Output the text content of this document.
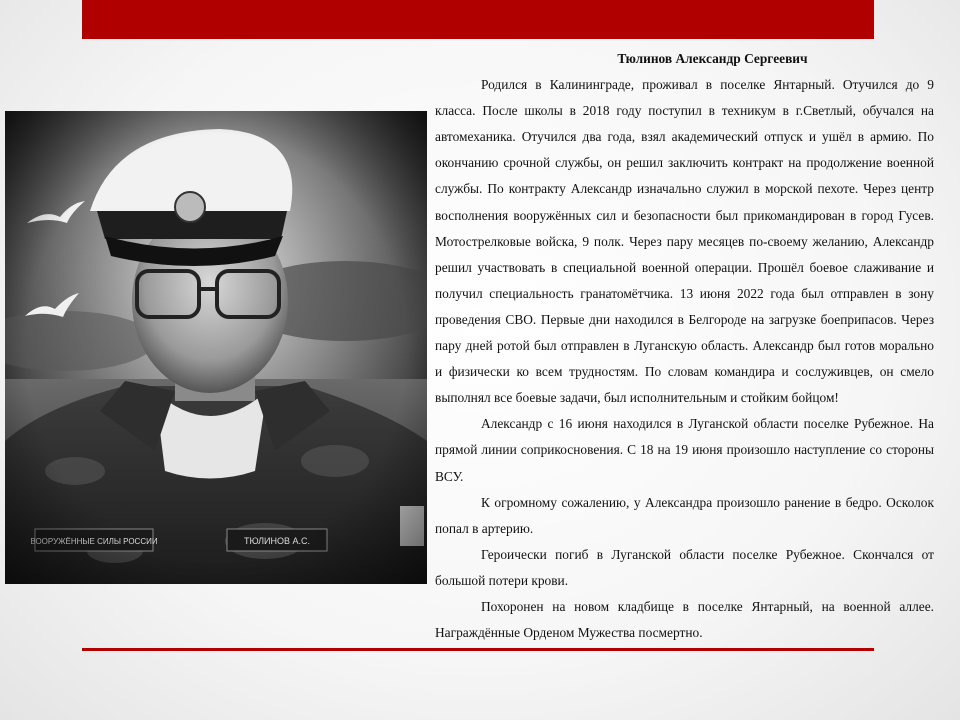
Тюлинов Александр Сергеевич

Родился в Калининграде, проживал в поселке Янтарный. Отучился до 9 класса. После школы в 2018 году поступил в техникум в г.Светлый, обучался на автомеханика. Отучился два года, взял академический отпуск и ушёл в армию. По окончанию срочной службы, он решил заключить контракт на продолжение военной службы. По контракту Александр изначально служил в морской пехоте. Через центр восполнения вооружённых сил и безопасности был прикомандирован в город Гусев. Мотострелковые войска, 9 полк. Через пару месяцев по-своему желанию, Александр решил участвовать в специальной военной операции. Прошёл боевое слаживание и получил специальность гранатомётчика. 13 июня 2022 года был отправлен в зону проведения СВО. Первые дни находился в Белгороде на загрузке боеприпасов. Через пару дней ротой был отправлен в Луганскую область. Александр был готов морально и физически ко всем трудностям. По словам командира и сослуживцев, он смело выполнял все боевые задачи, был исполнительным и стойким бойцом!

Александр с 16 июня находился в Луганской области поселке Рубежное. На прямой линии соприкосновения. С 18 на 19 июня произошло наступление со стороны ВСУ.

К огромному сожалению, у Александра произошло ранение в бедро. Осколок попал в артерию.

Героически погиб в Луганской области поселке Рубежное. Скончался от большой потери крови.

Похоронен на новом кладбище в поселке Янтарный, на военной аллее. Награждённые Орденом Мужества посмертно.
